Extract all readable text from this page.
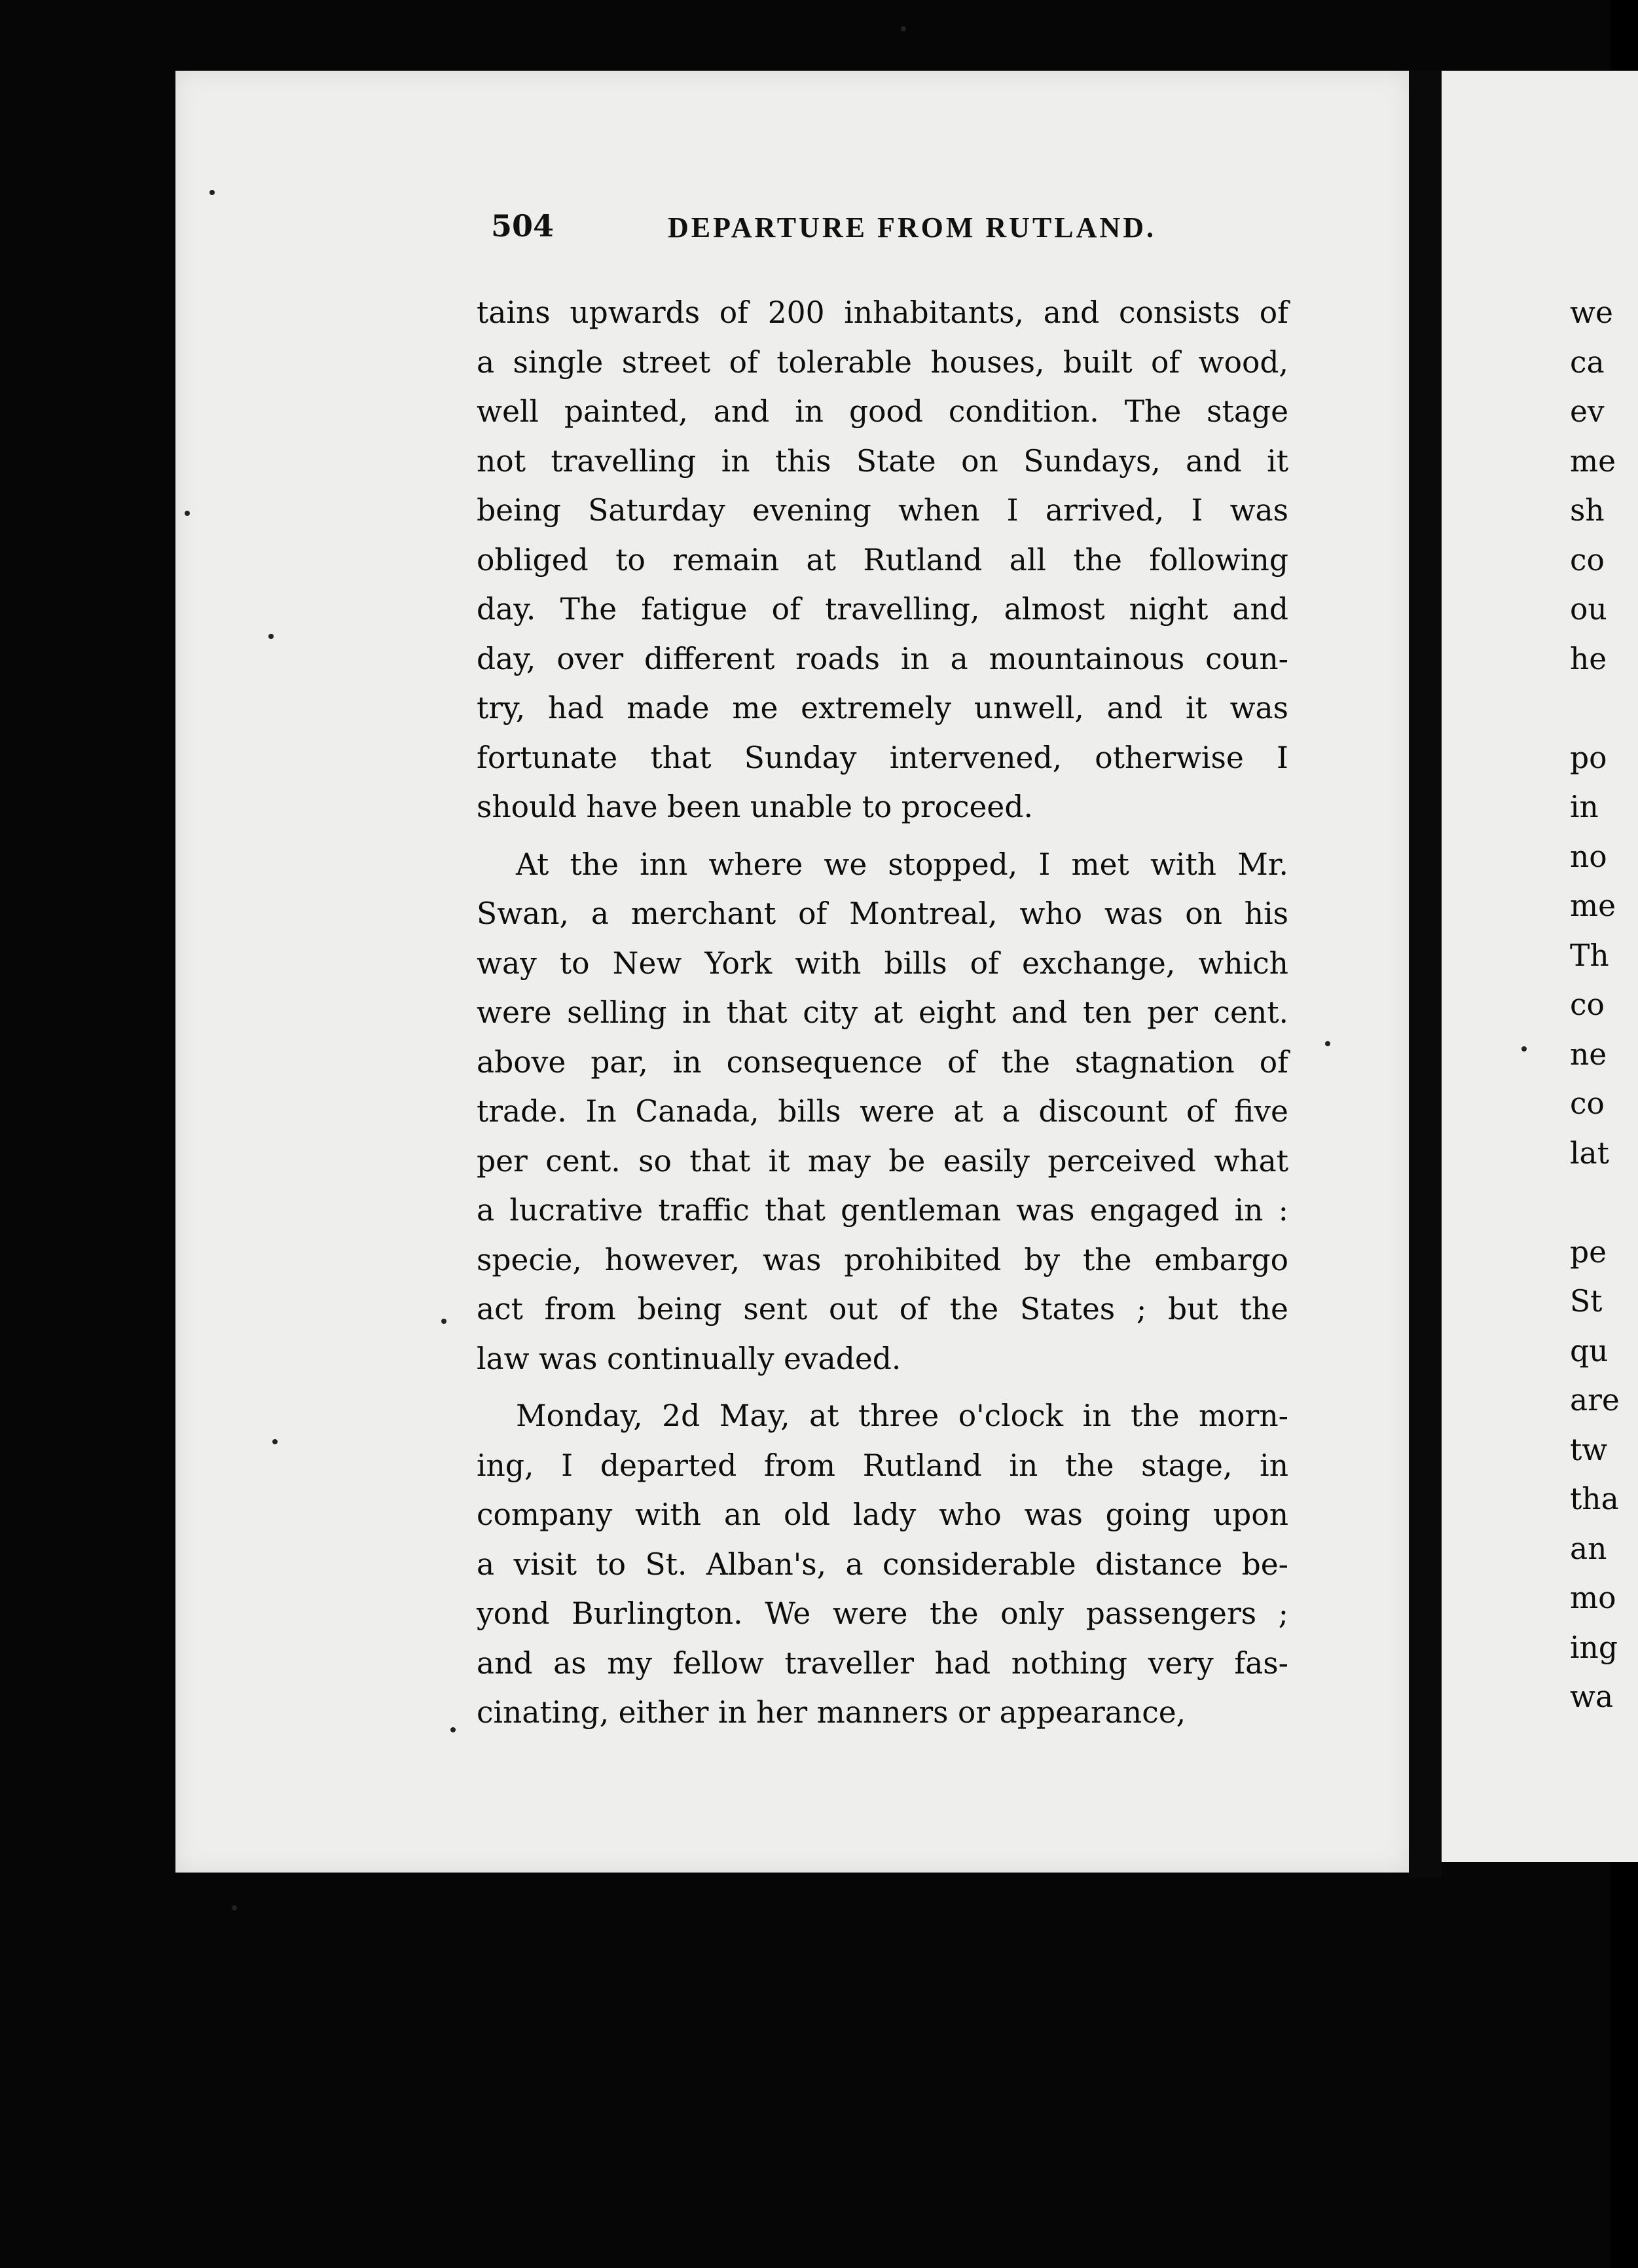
504	DEPARTURE FROM RUTLAND.
tains upwards of 200 inhabitants, and consists of
a single street of tolerable houses, built of wood,
well painted, and in good condition. The stage
not travelling in this State on Sundays, and it
being Saturday evening when I arrived, I was
obliged to remain at Rutland all the following
day. The fatigue of travelling, almost night and
day, over different roads in a mountainous coun-
try, had made me extremely unwell, and it was
fortunate that Sunday intervened, otherwise I
should have been unable to proceed.
At the inn where we stopped, I met with Mr.
Swan, a merchant of Montreal, who was on his
way to New York with bills of exchange, which
were selling in that city at eight and ten per cent.
above par, in consequence of the stagnation of
trade. In Canada, bills were at a discount of five
per cent. so that it may be easily perceived what
a lucrative traffic that gentleman was engaged in :
specie, however, was prohibited by the embargo
act from being sent out of the States ; but the
law was continually evaded.
Monday, 2d May, at three o'clock in the morn-
ing, I departed from Rutland in the stage, in
company with an old lady who was going upon
a visit to St. Alban's, a considerable distance be-
yond Burlington. We were the only passengers ;
and as my fellow traveller had nothing very fas-
cinating, either in her manners or appearance,
we
ca
ev
me
sh
co
ou
he
po
in
no
me
Th
co
ne
co
lat
pe
St
qu
are
tw
tha
an
mo
ing
wa
